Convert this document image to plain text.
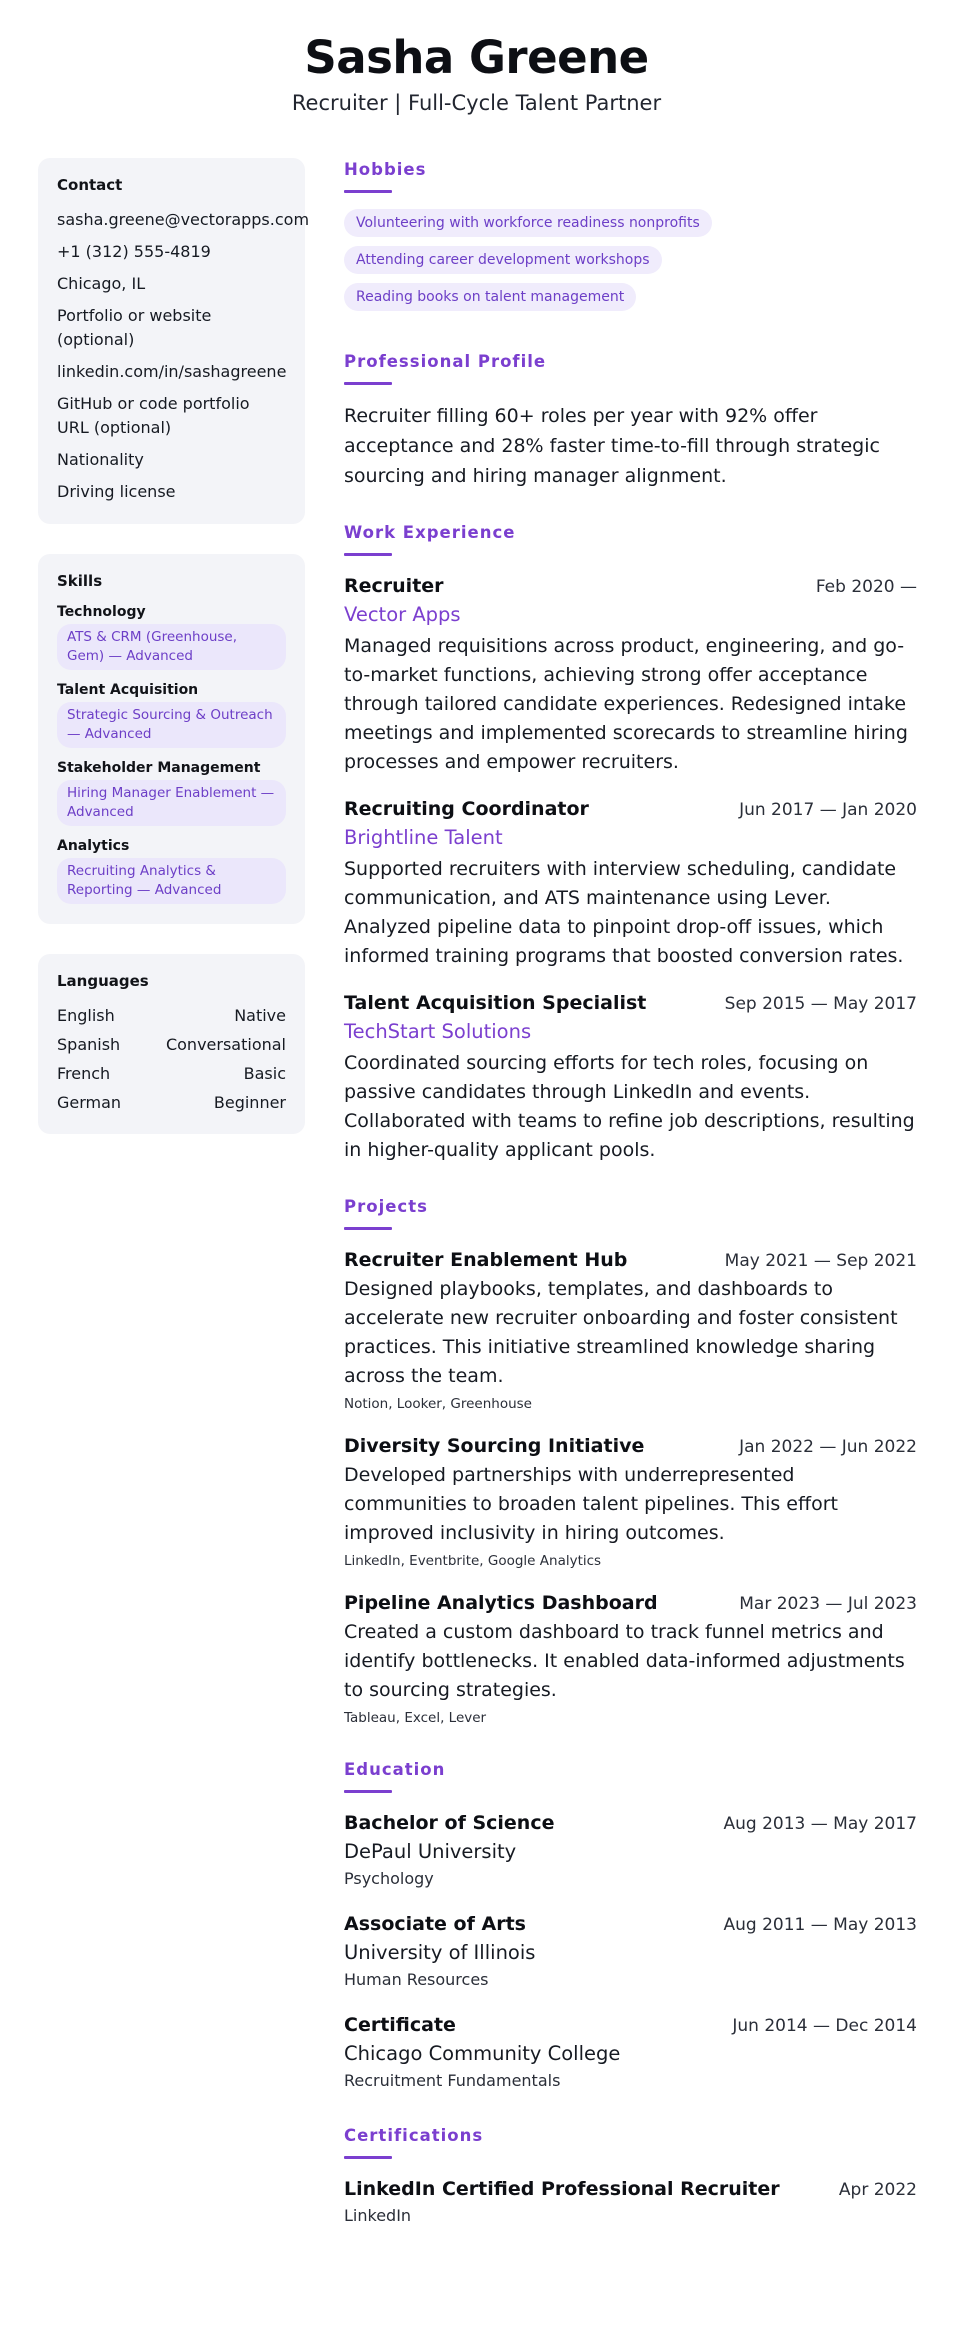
Sasha Greene
Recruiter | Full-Cycle Talent Partner
Contact
sasha.greene@vectorapps.com
+1 (312) 555-4819
Chicago, IL
Portfolio or website (optional)
linkedin.com/in/sashagreene
GitHub or code portfolio URL (optional)
Nationality
Driving license
Skills
Technology
ATS & CRM (Greenhouse, Gem) — Advanced
Talent Acquisition
Strategic Sourcing & Outreach — Advanced
Stakeholder Management
Hiring Manager Enablement — Advanced
Analytics
Recruiting Analytics & Reporting — Advanced
Languages
English	Native
Spanish	Conversational
French	Basic
German	Beginner
Hobbies
Volunteering with workforce readiness nonprofits
Attending career development workshops
Reading books on talent management
Professional Profile
Recruiter filling 60+ roles per year with 92% offer acceptance and 28% faster time-to-fill through strategic sourcing and hiring manager alignment.
Work Experience
Recruiter	Feb 2020 —
Vector Apps
Managed requisitions across product, engineering, and go-to-market functions, achieving strong offer acceptance through tailored candidate experiences. Redesigned intake meetings and implemented scorecards to streamline hiring processes and empower recruiters.
Recruiting Coordinator	Jun 2017 — Jan 2020
Brightline Talent
Supported recruiters with interview scheduling, candidate communication, and ATS maintenance using Lever. Analyzed pipeline data to pinpoint drop-off issues, which informed training programs that boosted conversion rates.
Talent Acquisition Specialist	Sep 2015 — May 2017
TechStart Solutions
Coordinated sourcing efforts for tech roles, focusing on passive candidates through LinkedIn and events. Collaborated with teams to refine job descriptions, resulting in higher-quality applicant pools.
Projects
Recruiter Enablement Hub	May 2021 — Sep 2021
Designed playbooks, templates, and dashboards to accelerate new recruiter onboarding and foster consistent practices. This initiative streamlined knowledge sharing across the team.
Notion, Looker, Greenhouse
Diversity Sourcing Initiative	Jan 2022 — Jun 2022
Developed partnerships with underrepresented communities to broaden talent pipelines. This effort improved inclusivity in hiring outcomes.
LinkedIn, Eventbrite, Google Analytics
Pipeline Analytics Dashboard	Mar 2023 — Jul 2023
Created a custom dashboard to track funnel metrics and identify bottlenecks. It enabled data-informed adjustments to sourcing strategies.
Tableau, Excel, Lever
Education
Bachelor of Science	Aug 2013 — May 2017
DePaul University
Psychology
Associate of Arts	Aug 2011 — May 2013
University of Illinois
Human Resources
Certificate	Jun 2014 — Dec 2014
Chicago Community College
Recruitment Fundamentals
Certifications
LinkedIn Certified Professional Recruiter	Apr 2022
LinkedIn
